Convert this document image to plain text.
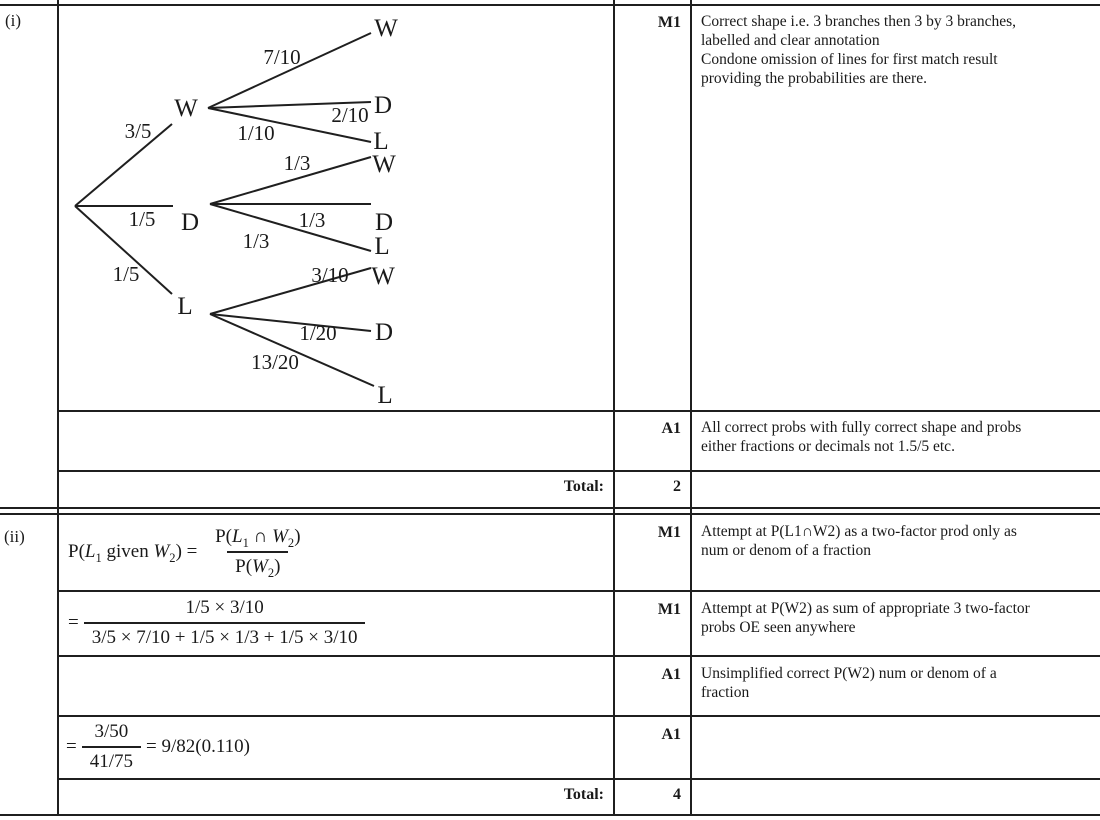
(i)
W
D
L
3/5
1/5
1/5
W
D
L
W
D
L
W
D
L
7/10
2/10
1/10
1/3
1/3
1/3
3/10
1/20
13/20
M1 Correct shape i.e. 3 branches then 3 by 3 branches,
labelled and clear annotation
Condone omission of lines for first match result
providing the probabilities are there.
A1 All correct probs with fully correct shape and probs
either fractions or decimals not 1.5/5 etc.
Total:	2
(ii)
$P(L_1$ given $W_2) = \frac{P(L_1 \cap W_2)}{P(W_2)}$
= $\frac{1/5 \times 3/10}{3/5 \times 7/10 + 1/5 \times 1/3 + 1/5 \times 3/10}$
= $\frac{3/50}{41/75} = 9/82(0.110)$
M1 Attempt at P(L1∩W2) as a two-factor prod only as
num or denom of a fraction
M1 Attempt at P(W2) as sum of appropriate 3 two-factor
probs OE seen anywhere
A1 Unsimplified correct P(W2) num or denom of a
fraction
A1
Total:	4
